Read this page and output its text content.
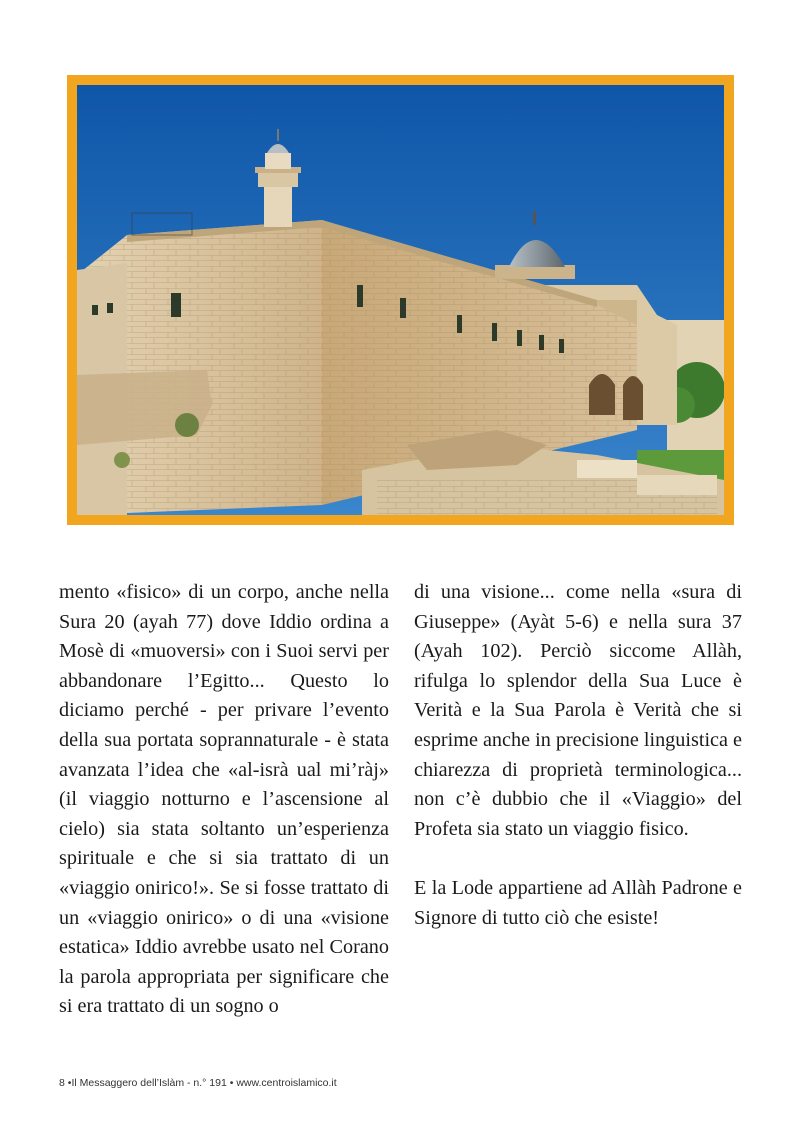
mento «fisico» di un corpo, anche nella Sura 20 (ayah 77) dove Iddio ordina a Mosè di «muoversi» con i Suoi servi per abbandonare l’Egitto... Questo lo diciamo perché - per privare l’evento della sua portata soprannaturale - è stata avanzata l’idea che «al-isrà ual mi’ràj» (il viaggio notturno e l’ascensione al cielo) sia stata soltanto un’esperienza spirituale e che si sia trattato di un «viaggio onirico!». Se si fosse trattato di un «viaggio onirico» o di una «visione estatica» Iddio avrebbe usato nel Corano la parola appropriata per significare che si era trattato di un sogno o

di una visione... come nella «sura di Giuseppe» (Ayàt 5-6) e nella sura 37 (Ayah 102). Perciò siccome Allàh, rifulga lo splendor della Sua Luce è Verità e la Sua Parola è Verità che si esprime anche in precisione linguistica e chiarezza di proprietà terminologica... non c’è dubbio che il «Viaggio» del Profeta sia stato un viaggio fisico.

E la Lode appartiene ad Allàh Padrone e Signore di tutto ciò che esiste!

8 •Il Messaggero dell’Islàm - n.° 191 • www.centroislamico.it
